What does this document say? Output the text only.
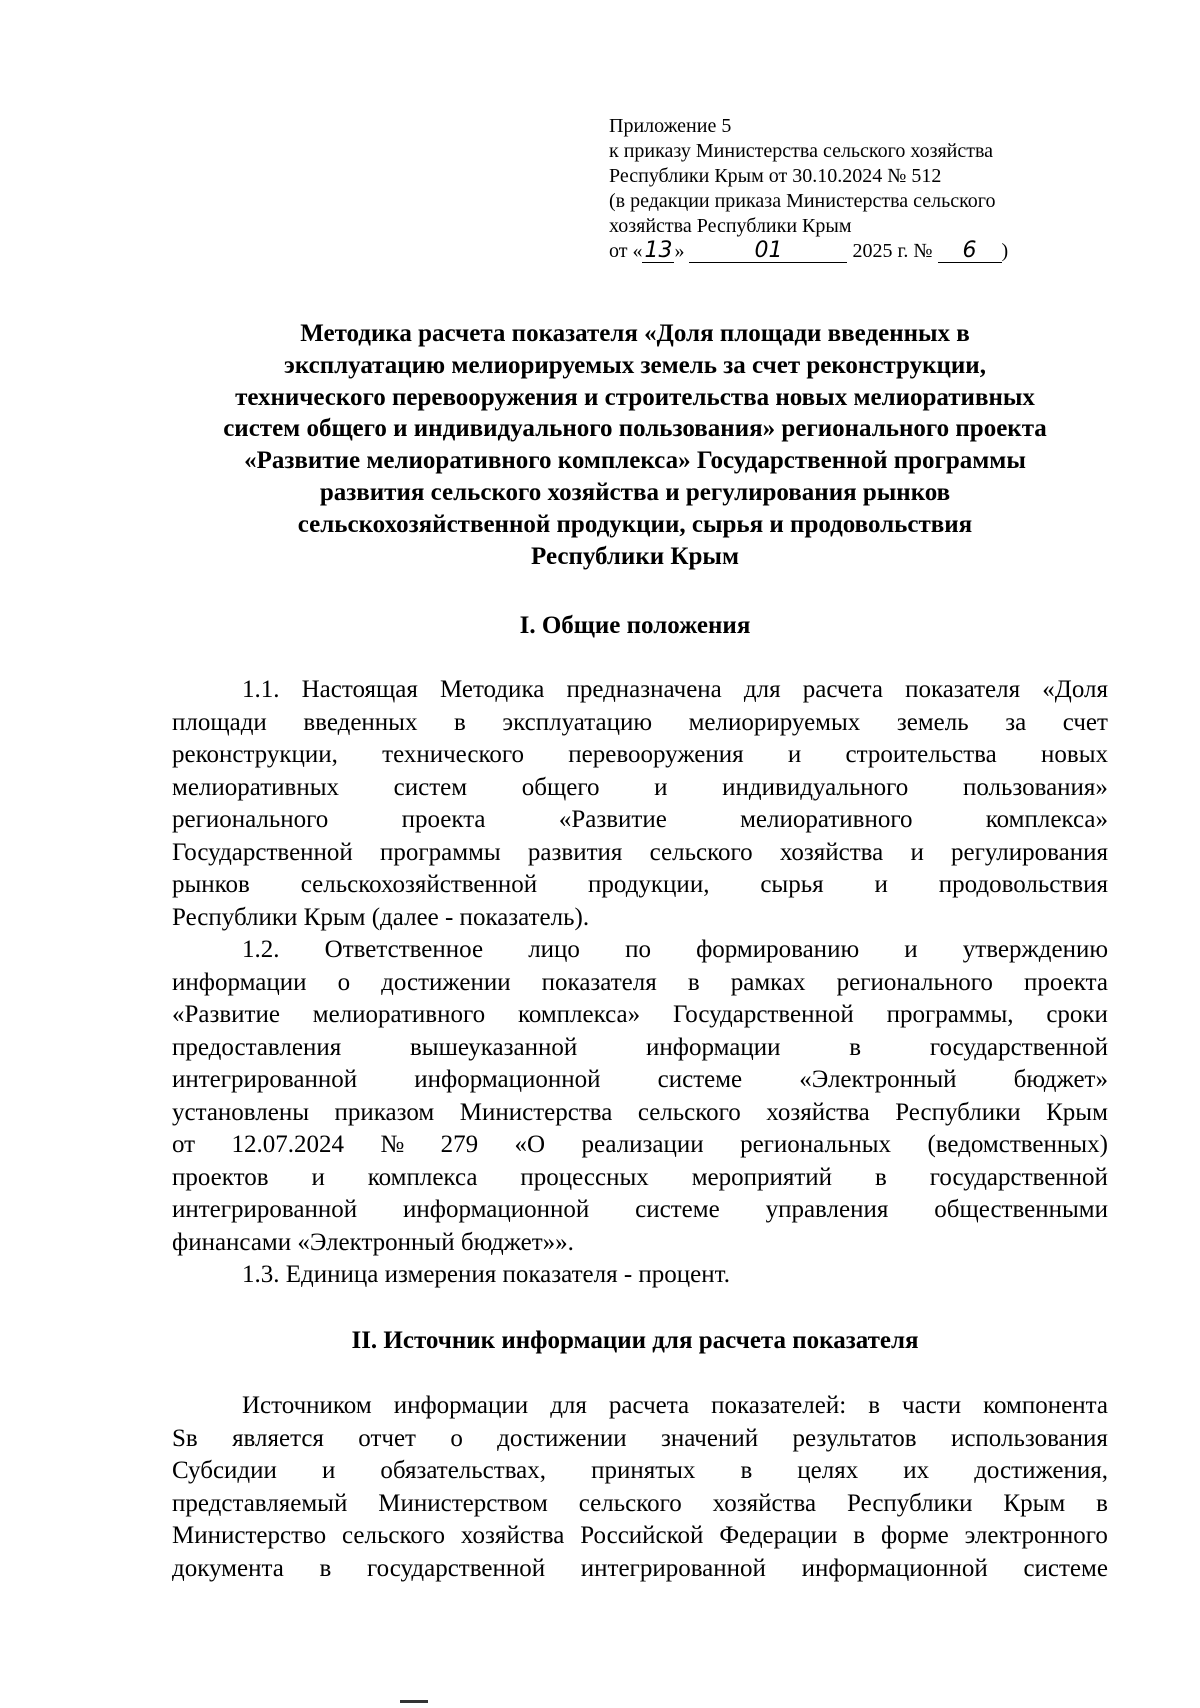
Приложение 5
к приказу Министерства сельского хозяйства
Республики Крым от 30.10.2024 № 512
(в редакции приказа Министерства сельского
хозяйства Республики Крым
от «13 »	01	2025 г. № 6 )
Методика расчета показателя «Доля площади введенных в
эксплуатацию мелиорируемых земель за счет реконструкции,
технического перевооружения и строительства новых мелиоративных
систем общего и индивидуального пользования» регионального проекта
«Развитие мелиоративного комплекса» Государственной программы
развития сельского хозяйства и регулирования рынков
сельскохозяйственной продукции, сырья и продовольствия
Республики Крым
I. Общие положения
1.1. Настоящая Методика предназначена для расчета показателя «Доля
площади введенных в эксплуатацию мелиорируемых земель за счет
реконструкции, технического перевооружения и строительства новых
мелиоративных систем общего и индивидуального пользования»
регионального	проекта	«Развитие	мелиоративного	комплекса»
Государственной программы развития сельского хозяйства и регулирования
рынков сельскохозяйственной продукции, сырья и продовольствия
Республики Крым (далее - показатель).
1.2. Ответственное лицо по формированию и утверждению
информации о достижении показателя в рамках регионального проекта
«Развитие мелиоративного комплекса» Государственной программы, сроки
предоставления	вышеуказанной	информации	в	государственной
интегрированной информационной системе «Электронный бюджет»
установлены приказом Министерства сельского хозяйства Республики Крым
от 12.07.2024 № 279 «О реализации региональных (ведомственных)
проектов и комплекса процессных мероприятий в государственной
интегрированной информационной системе управления общественными
финансами «Электронный бюджет»».
1.3. Единица измерения показателя - процент.
II. Источник информации для расчета показателя
Источником информации для расчета показателей: в части компонента
Sв является отчет о достижении значений результатов использования
Субсидии и обязательствах, принятых в целях их достижения,
представляемый Министерством сельского хозяйства Республики Крым в
Министерство сельского хозяйства Российской Федерации в форме электронного
документа в государственной интегрированной информационной системе
